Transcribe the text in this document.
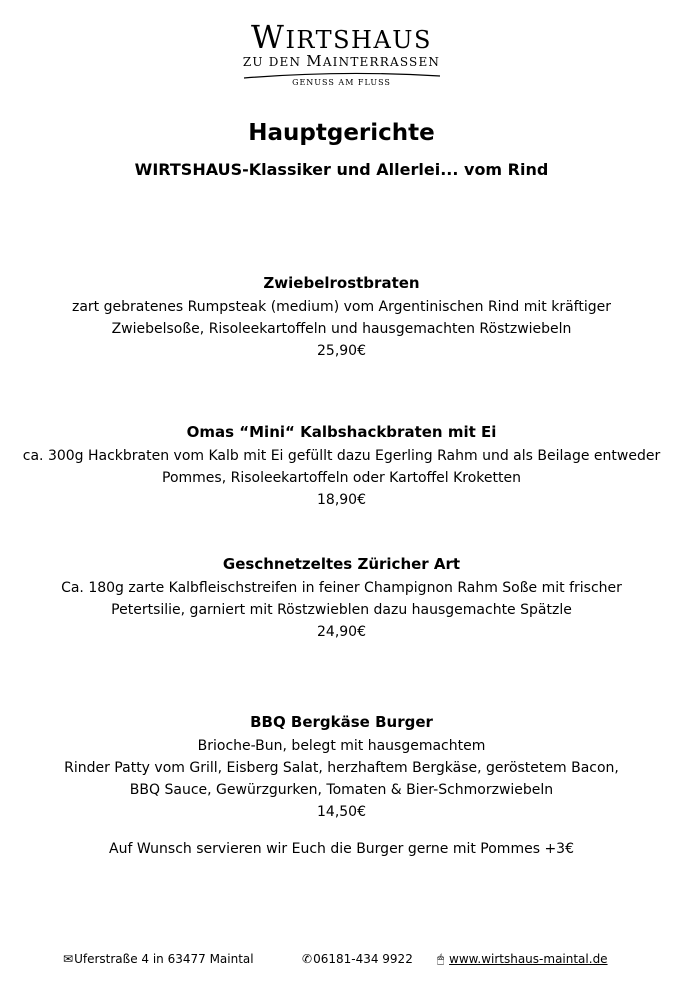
WIRTSHAUS
ZU DEN MAINTERRASSEN
GENUSS AM FLUSS
Hauptgerichte
WIRTSHAUS-Klassiker und Allerlei... vom Rind
Zwiebelrostbraten
zart gebratenes Rumpsteak (medium) vom Argentinischen Rind mit kräftiger
Zwiebelsoße, Risoleekartoffeln und hausgemachten Röstzwiebeln
25,90€
Omas “Mini“ Kalbshackbraten mit Ei
ca. 300g Hackbraten vom Kalb mit Ei gefüllt dazu Egerling Rahm und als Beilage entweder
Pommes, Risoleekartoffeln oder Kartoffel Kroketten
18,90€
Geschnetzeltes Züricher Art
Ca. 180g zarte Kalbfleischstreifen in feiner Champignon Rahm Soße mit frischer
Petertsilie, garniert mit Röstzwieblen dazu hausgemachte Spätzle
24,90€
BBQ Bergkäse Burger
Brioche-Bun, belegt mit hausgemachtem
Rinder Patty vom Grill, Eisberg Salat, herzhaftem Bergkäse, geröstetem Bacon,
BBQ Sauce, Gewürzgurken, Tomaten & Bier-Schmorzwiebeln
14,50€
Auf Wunsch servieren wir Euch die Burger gerne mit Pommes +3€
✉Uferstraße 4 in 63477 Maintal	✆06181-434 9922 🖱 www.wirtshaus-maintal.de
